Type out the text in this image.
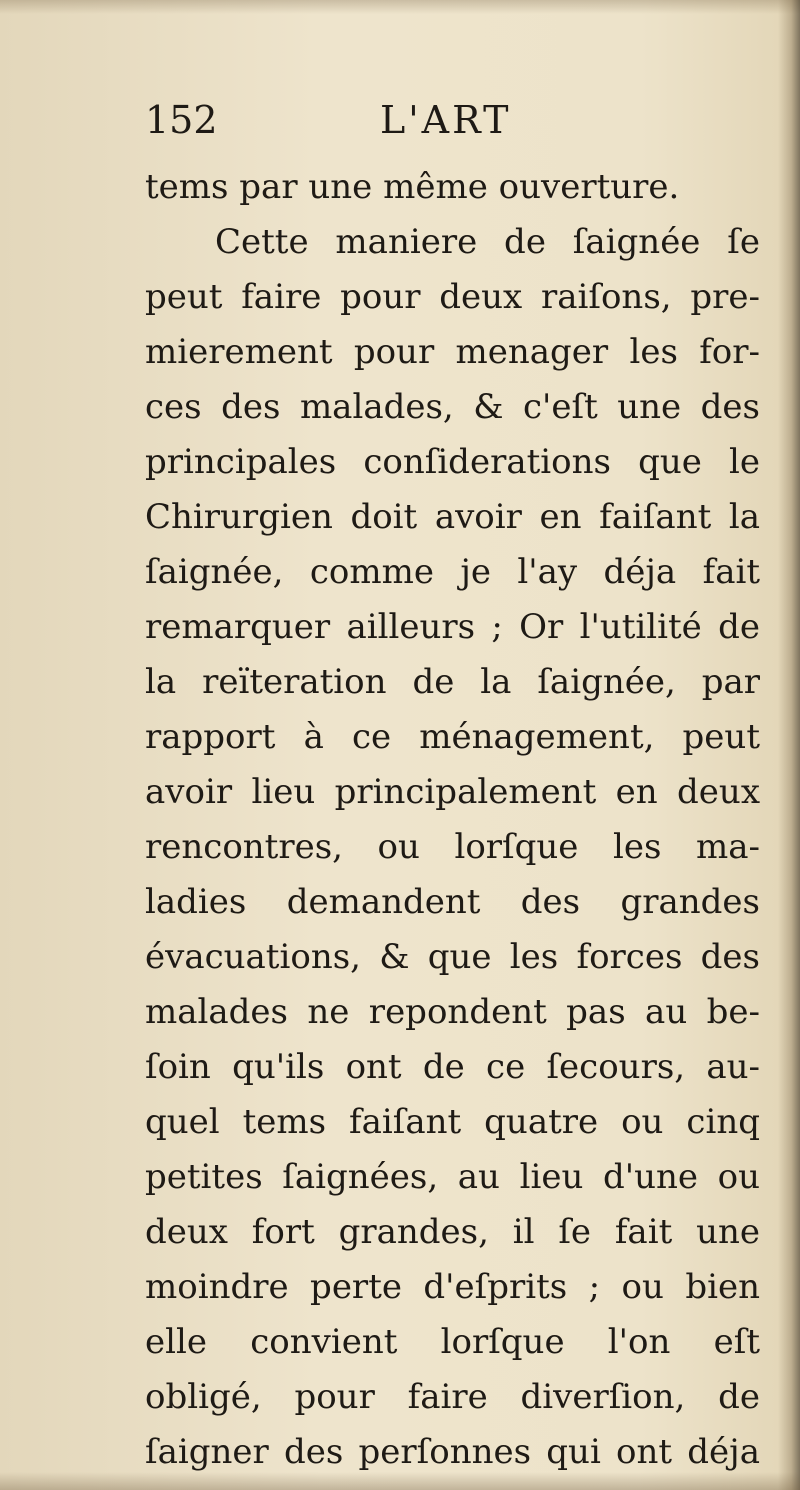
152	L'ART
tems par une même ouverture.
Cette maniere de ſaignée ſe
peut faire pour deux raiſons, pre-
mierement pour menager les for-
ces des malades, & c'eſt une des
principales conſiderations que le
Chirurgien doit avoir en faiſant la
ſaignée, comme je l'ay déja fait
remarquer ailleurs ; Or l'utilité de
la reïteration de la ſaignée, par
rapport à ce ménagement, peut
avoir lieu principalement en deux
rencontres, ou lorſque les ma-
ladies demandent des grandes
évacuations, & que les forces des
malades ne repondent pas au be-
ſoin qu'ils ont de ce ſecours, au-
quel tems faiſant quatre ou cinq
petites ſaignées, au lieu d'une ou
deux fort grandes, il ſe fait une
moindre perte d'eſprits ; ou bien
elle convient lorſque l'on eſt
obligé, pour faire diverſion, de
ſaigner des perſonnes qui ont déja
